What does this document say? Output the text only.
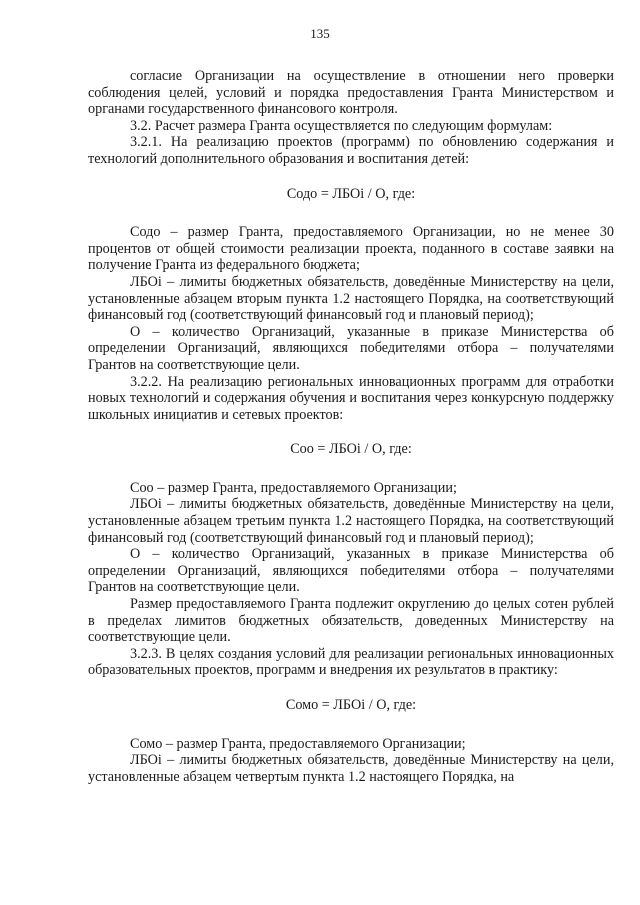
135

согласие Организации на осуществление в отношении него проверки соблюдения целей, условий и порядка предоставления Гранта Министерством и органами государственного финансового контроля.

3.2. Расчет размера Гранта осуществляется по следующим формулам:

3.2.1. На реализацию проектов (программ) по обновлению содержания и технологий дополнительного образования и воспитания детей:

Содо = ЛБОi / О, где:

Содо – размер Гранта, предоставляемого Организации, но не менее 30 процентов от общей стоимости реализации проекта, поданного в составе заявки на получение Гранта из федерального бюджета;

ЛБОi – лимиты бюджетных обязательств, доведённые Министерству на цели, установленные абзацем вторым пункта 1.2 настоящего Порядка, на соответствующий финансовый год (соответствующий финансовый год и плановый период);

О – количество Организаций, указанные в приказе Министерства об определении Организаций, являющихся победителями отбора – получателями Грантов на соответствующие цели.

3.2.2. На реализацию региональных инновационных программ для отработки новых технологий и содержания обучения и воспитания через конкурсную поддержку школьных инициатив и сетевых проектов:

Соо = ЛБОi / О, где:

Соо – размер Гранта, предоставляемого Организации;

ЛБОi – лимиты бюджетных обязательств, доведённые Министерству на цели, установленные абзацем третьим пункта 1.2 настоящего Порядка, на соответствующий финансовый год (соответствующий финансовый год и плановый период);

О – количество Организаций, указанных в приказе Министерства об определении Организаций, являющихся победителями отбора – получателями Грантов на соответствующие цели.

Размер предоставляемого Гранта подлежит округлению до целых сотен рублей в пределах лимитов бюджетных обязательств, доведенных Министерству на соответствующие цели.

3.2.3. В целях создания условий для реализации региональных инновационных образовательных проектов, программ и внедрения их результатов в практику:

Сомо = ЛБОi / О, где:

Сомо – размер Гранта, предоставляемого Организации;

ЛБОi – лимиты бюджетных обязательств, доведённые Министерству на цели, установленные абзацем четвертым пункта 1.2 настоящего Порядка, на
